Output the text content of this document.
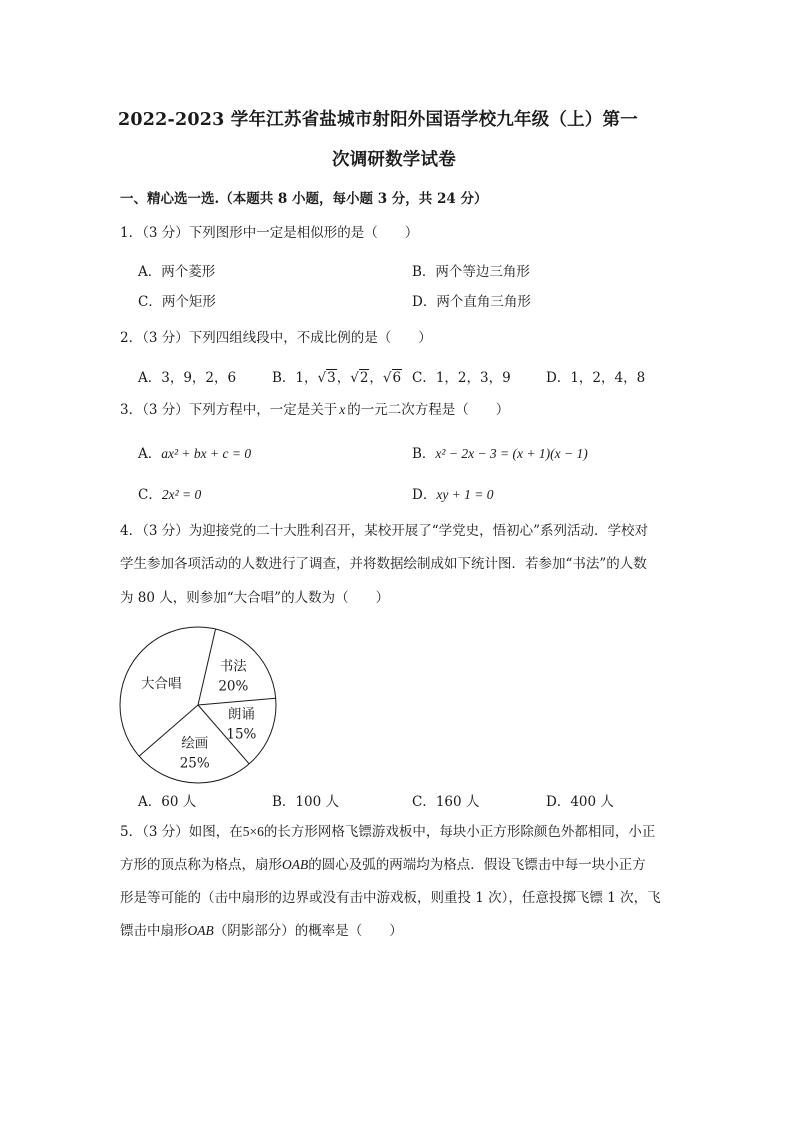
2022-2023 学年江苏省盐城市射阳外国语学校九年级（上）第一
次调研数学试卷
一、精心选一选.（本题共 8 小题，每小题 3 分，共 24 分）
1．（3 分）下列图形中一定是相似形的是（　　）
A．两个菱形	B．两个等边三角形
C．两个矩形	D．两个直角三角形
2．（3 分）下列四组线段中，不成比例的是（　　）
A．3，9，2，6	B．1，√3，√2，√6 C．1，2，3，9	D．1，2，4，8
3．（3 分）下列方程中，一定是关于 x 的一元二次方程是（　　）
A．ax² + bx + c = 0	B．x² − 2x − 3 = (x + 1)(x − 1)
C．2x² = 0	D．xy + 1 = 0
4．（3 分）为迎接党的二十大胜利召开，某校开展了“学党史，悟初心”系列活动．学校对
学生参加各项活动的人数进行了调查，并将数据绘制成如下统计图．若参加“书法”的人数
为 80 人，则参加“大合唱”的人数为（　　）
书法
20%
朗诵
15%
绘画
25%
大合唱
A．60 人	B．100 人	C．160 人	D．400 人
5．（3 分）如图，在5×6的长方形网格飞镖游戏板中，每块小正方形除颜色外都相同，小正
方形的顶点称为格点，扇形OAB的圆心及弧的两端均为格点．假设飞镖击中每一块小正方
形是等可能的（击中扇形的边界或没有击中游戏板，则重投 1 次），任意投掷飞镖 1 次，飞
镖击中扇形OAB（阴影部分）的概率是（　　）
